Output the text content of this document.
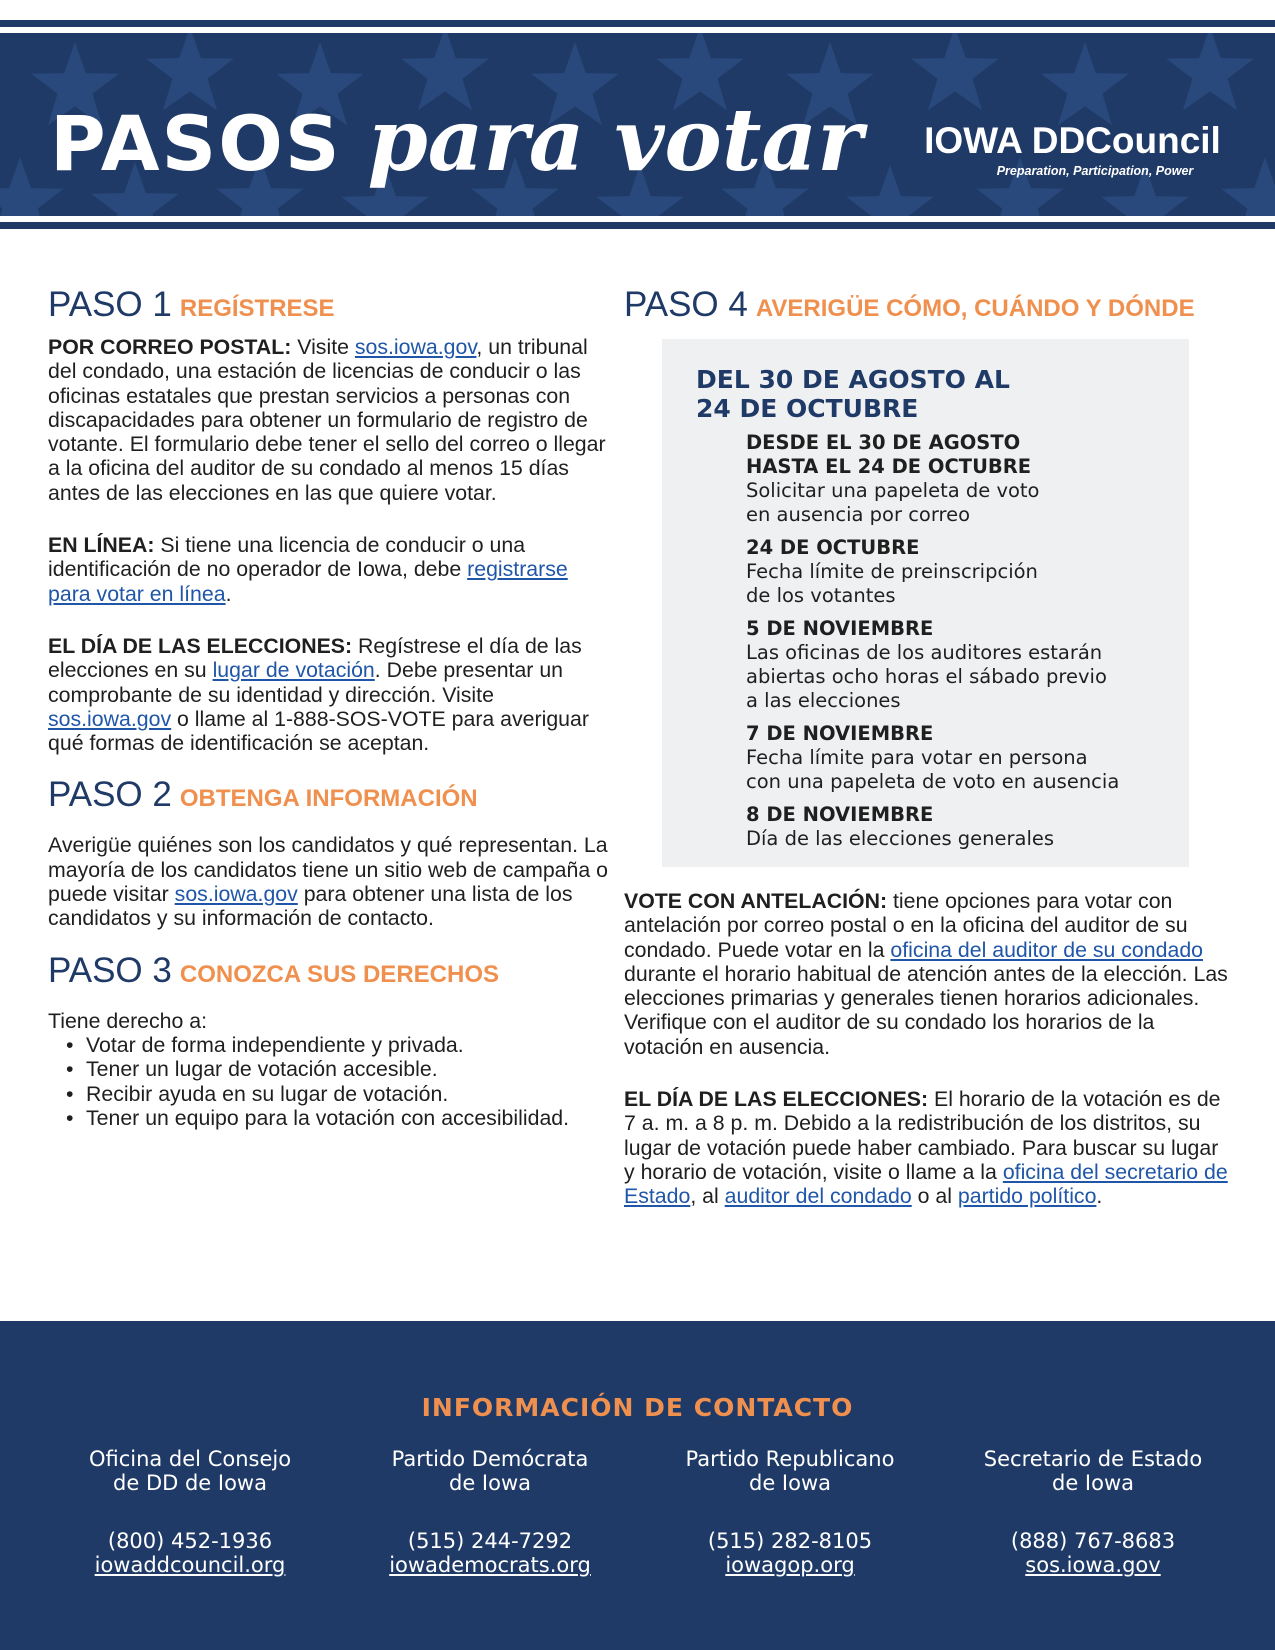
PASOS para votar IOWA DDCouncil
Preparation, Participation, Power
PASO 1 REGÍSTRESE

POR CORREO POSTAL: Visite sos.iowa.gov, un tribunal del condado, una estación de licencias de conducir o las oficinas estatales que prestan servicios a personas con discapacidades para obtener un formulario de registro de votante. El formulario debe tener el sello del correo o llegar a la oficina del auditor de su condado al menos 15 días antes de las elecciones en las que quiere votar.

EN LÍNEA: Si tiene una licencia de conducir o una identificación de no operador de Iowa, debe registrarse para votar en línea.

EL DÍA DE LAS ELECCIONES: Regístrese el día de las elecciones en su lugar de votación. Debe presentar un comprobante de su identidad y dirección. Visite sos.iowa.gov o llame al 1-888-SOS-VOTE para averiguar qué formas de identificación se aceptan.

PASO 2 OBTENGA INFORMACIÓN

Averigüe quiénes son los candidatos y qué representan. La mayoría de los candidatos tiene un sitio web de campaña o puede visitar sos.iowa.gov para obtener una lista de los candidatos y su información de contacto.

PASO 3 CONOZCA SUS DERECHOS

Tiene derecho a:

• Votar de forma independiente y privada.
• Tener un lugar de votación accesible.
• Recibir ayuda en su lugar de votación.
• Tener un equipo para la votación con accesibilidad.
PASO 4 AVERIGÜE CÓMO, CUÁNDO Y DÓNDE
DEL 30 DE AGOSTO AL
24 DE OCTUBRE
DESDE EL 30 DE AGOSTO
HASTA EL 24 DE OCTUBRE
Solicitar una papeleta de voto
en ausencia por correo
24 DE OCTUBRE
Fecha límite de preinscripción
de los votantes
5 DE NOVIEMBRE
Las oficinas de los auditores estarán
abiertas ocho horas el sábado previo
a las elecciones
7 DE NOVIEMBRE
Fecha límite para votar en persona
con una papeleta de voto en ausencia
8 DE NOVIEMBRE
Día de las elecciones generales

VOTE CON ANTELACIÓN: tiene opciones para votar con antelación por correo postal o en la oficina del auditor de su condado. Puede votar en la oficina del auditor de su condado durante el horario habitual de atención antes de la elección. Las elecciones primarias y generales tienen horarios adicionales. Verifique con el auditor de su condado los horarios de la votación en ausencia.

EL DÍA DE LAS ELECCIONES: El horario de la votación es de 7 a. m. a 8 p. m. Debido a la redistribución de los distritos, su lugar de votación puede haber cambiado. Para buscar su lugar y horario de votación, visite o llame a la oficina del secretario de Estado, al auditor del condado o al partido político.

INFORMACIÓN DE CONTACTO
Oficina del Consejo
de DD de Iowa
(800) 452-1936
iowaddcouncil.org
Partido Demócrata
de Iowa
(515) 244-7292
iowademocrats.org
Partido Republicano
de Iowa
(515) 282-8105
iowagop.org
Secretario de Estado
de Iowa
(888) 767-8683
sos.iowa.gov
